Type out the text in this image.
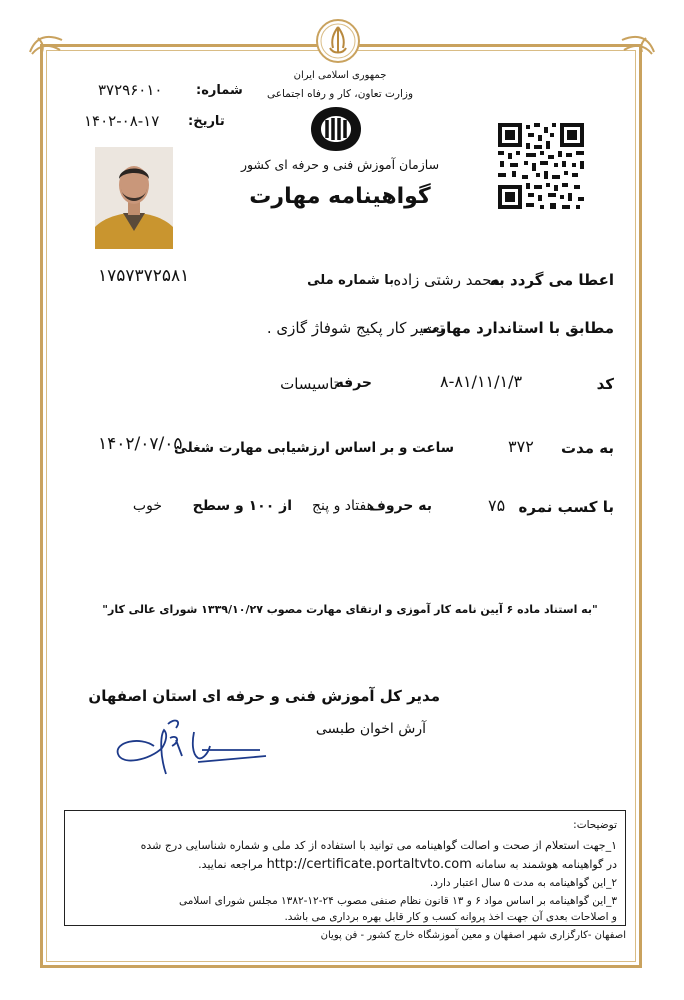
جمهوری اسلامی ایران
وزارت تعاون، کار و رفاه اجتماعی
سازمان آموزش فنی و حرفه ای کشور
گواهینامه مهارت
شماره:
۳۷۲۹۶۰۱۰
تاریخ:
۱۴۰۲-۰۸-۱۷
اعطا می گردد به
محمد رشتی زاده
با شماره ملی
۱۷۵۷۳۷۲۵۸۱
مطابق با استاندارد مهارت
تعمیر کار پکیج شوفاژ گازی .
کد
۸-۸۱/۱۱/۱/۳
حرفه
تاسیسات
به مدت
۳۷۲
ساعت و بر اساس ارزشیابی مهارت شغلی
۱۴۰۲/۰۷/۰۵
با کسب نمره
۷۵
به حروف
هفتاد و پنج
از ۱۰۰ و سطح
خوب
"به استناد ماده ۶ آیین نامه کار آموزی و ارتقای مهارت مصوب ۱۳۳۹/۱۰/۲۷ شورای عالی کار"
مدیر کل آموزش فنی و حرفه ای استان اصفهان
آرش اخوان طبسی
توضیحات:
۱_جهت استعلام از صحت و اصالت گواهینامه می توانید با استفاده از کد ملی و شماره شناسایی درج شده
در گواهینامه هوشمند به سامانه http://certificate.portaltvto.com مراجعه نمایید.
۲_این گواهینامه به مدت ۵ سال اعتبار دارد.
۳_این گواهینامه بر اساس مواد ۶ و ۱۳ قانون نظام صنفی مصوب ۲۴-۱۲-۱۳۸۲ مجلس شورای اسلامی
و اصلاحات بعدی آن جهت اخذ پروانه کسب و کار قابل بهره برداری می باشد.
اصفهان -کارگزاری شهر اصفهان و معین آموزشگاه خارج کشور - فن پویان
